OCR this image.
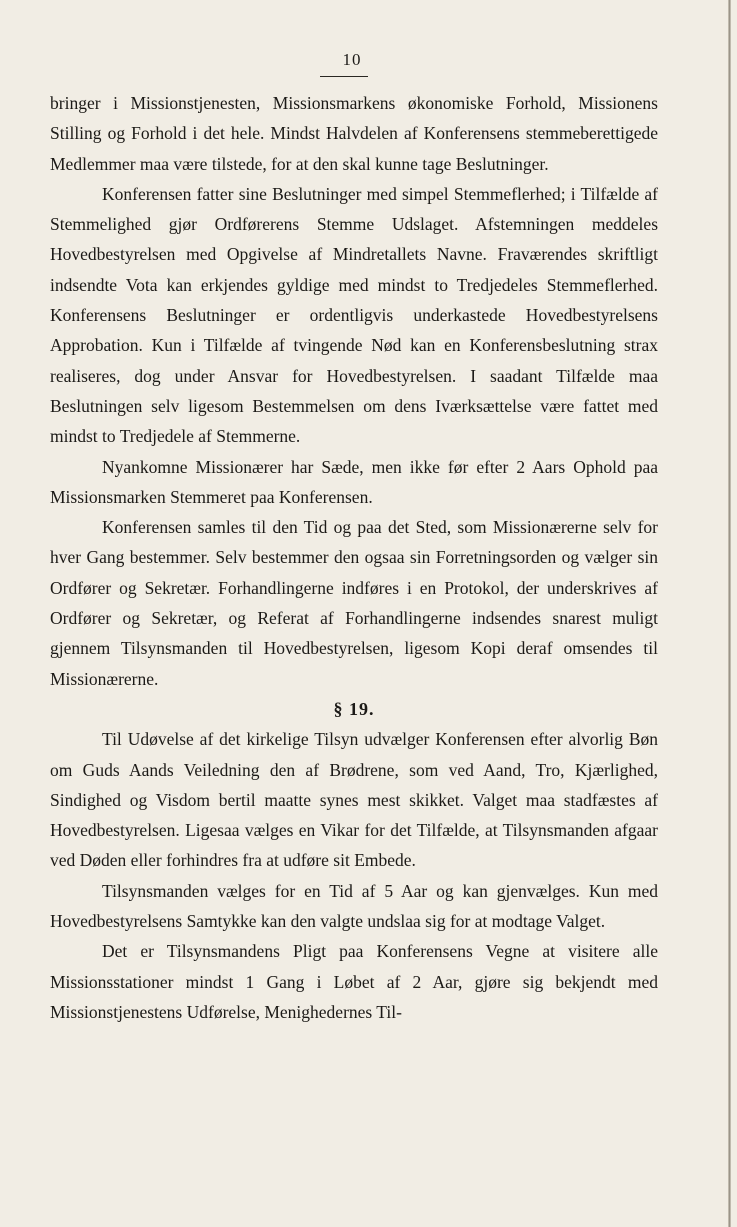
10

bringer i Missionstjenesten, Missionsmarkens økonomiske Forhold, Missionens Stilling og Forhold i det hele. Mindst Halvdelen af Konferensens stemmeberettigede Medlemmer maa være tilstede, for at den skal kunne tage Beslutninger.

Konferensen fatter sine Beslutninger med simpel Stemmeflerhed; i Tilfælde af Stemmelighed gjør Ordførerens Stemme Udslaget. Afstemningen meddeles Hovedbestyrelsen med Opgivelse af Mindretallets Navne. Fraværendes skriftligt indsendte Vota kan erkjendes gyldige med mindst to Tredjedeles Stemmeflerhed. Konferensens Beslutninger er ordentligvis underkastede Hovedbestyrelsens Approbation. Kun i Tilfælde af tvingende Nød kan en Konferensbeslutning strax realiseres, dog under Ansvar for Hovedbestyrelsen. I saadant Tilfælde maa Beslutningen selv ligesom Bestemmelsen om dens Iværksættelse være fattet med mindst to Tredjedele af Stemmerne.

Nyankomne Missionærer har Sæde, men ikke før efter 2 Aars Ophold paa Missionsmarken Stemmeret paa Konferensen.

Konferensen samles til den Tid og paa det Sted, som Missionærerne selv for hver Gang bestemmer. Selv bestemmer den ogsaa sin Forretningsorden og vælger sin Ordfører og Sekretær. Forhandlingerne indføres i en Protokol, der underskrives af Ordfører og Sekretær, og Referat af Forhandlingerne indsendes snarest muligt gjennem Tilsynsmanden til Hovedbestyrelsen, ligesom Kopi deraf omsendes til Missionærerne.

§ 19.

Til Udøvelse af det kirkelige Tilsyn udvælger Konferensen efter alvorlig Bøn om Guds Aands Veiledning den af Brødrene, som ved Aand, Tro, Kjærlighed, Sindighed og Visdom bertil maatte synes mest skikket. Valget maa stadfæstes af Hovedbestyrelsen. Ligesaa vælges en Vikar for det Tilfælde, at Tilsynsmanden afgaar ved Døden eller forhindres fra at udføre sit Embede.

Tilsynsmanden vælges for en Tid af 5 Aar og kan gjenvælges. Kun med Hovedbestyrelsens Samtykke kan den valgte undslaa sig for at modtage Valget.

Det er Tilsynsmandens Pligt paa Konferensens Vegne at visitere alle Missionsstationer mindst 1 Gang i Løbet af 2 Aar, gjøre sig bekjendt med Missionstjenestens Udførelse, Menighedernes Til-
